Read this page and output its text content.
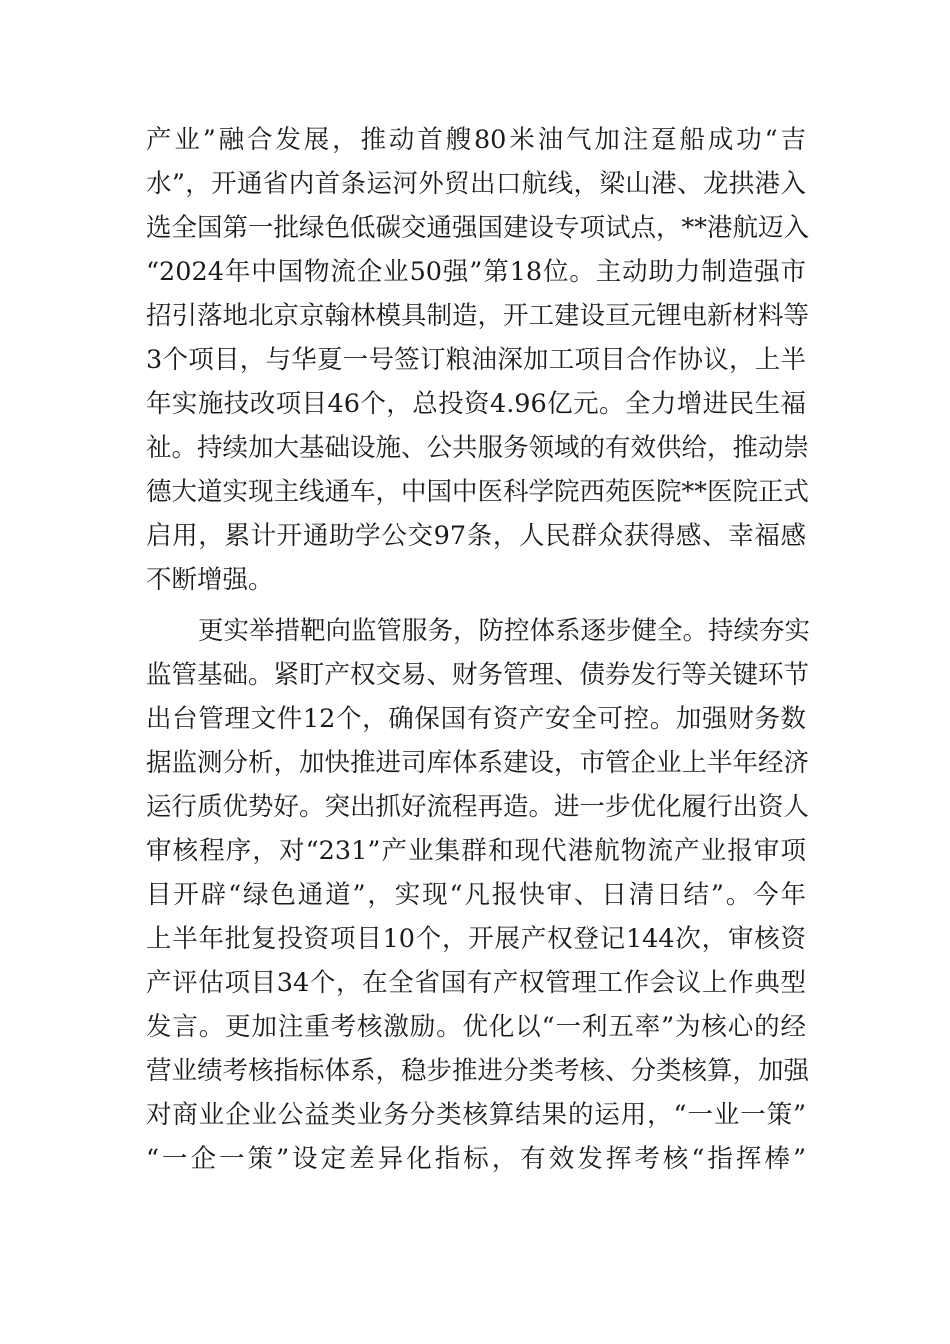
产业”融合发展，推动首艘80米油气加注趸船成功“吉
水”，开通省内首条运河外贸出口航线，梁山港、龙拱港入
选全国第一批绿色低碳交通强国建设专项试点，**港航迈入
“2024年中国物流企业50强”第18位。主动助力制造强市
招引落地北京京翰林模具制造，开工建设亘元锂电新材料等
3个项目，与华夏一号签订粮油深加工项目合作协议，上半
年实施技改项目46个，总投资4.96亿元。全力增进民生福
祉。持续加大基础设施、公共服务领域的有效供给，推动崇
德大道实现主线通车，中国中医科学院西苑医院**医院正式
启用，累计开通助学公交97条，人民群众获得感、幸福感
不断增强。
更实举措靶向监管服务，防控体系逐步健全。持续夯实
监管基础。紧盯产权交易、财务管理、债券发行等关键环节
出台管理文件12个，确保国有资产安全可控。加强财务数
据监测分析，加快推进司库体系建设，市管企业上半年经济
运行质优势好。突出抓好流程再造。进一步优化履行出资人
审核程序，对“231”产业集群和现代港航物流产业报审项
目开辟“绿色通道”，实现“凡报快审、日清日结”。今年
上半年批复投资项目10个，开展产权登记144次，审核资
产评估项目34个，在全省国有产权管理工作会议上作典型
发言。更加注重考核激励。优化以“一利五率”为核心的经
营业绩考核指标体系，稳步推进分类考核、分类核算，加强
对商业企业公益类业务分类核算结果的运用，“一业一策”
“一企一策”设定差异化指标，有效发挥考核“指挥棒”
